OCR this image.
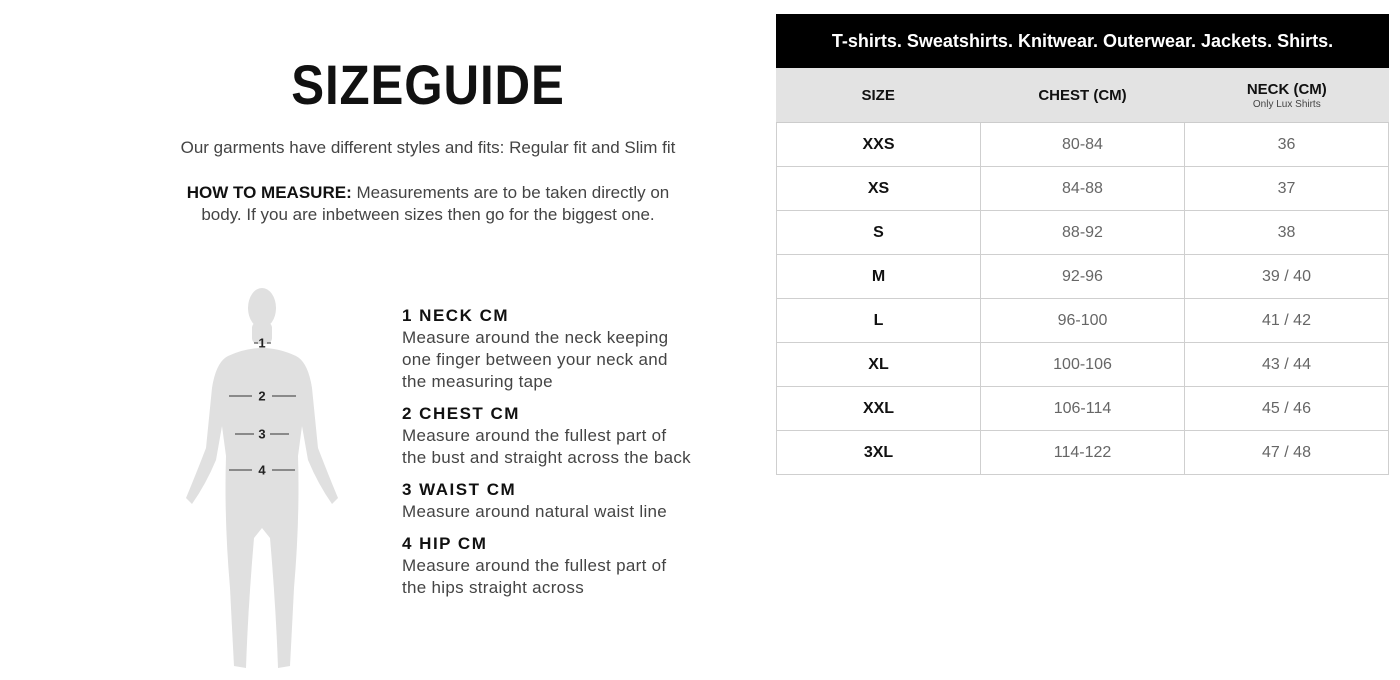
SIZEGUIDE
Our garments have different styles and fits: Regular fit and Slim fit
HOW TO MEASURE: Measurements are to be taken directly on body. If you are inbetween sizes then go for the biggest one.
1
2
3
4
1 NECK CM
Measure around the neck keeping one finger between your neck and the measuring tape
2 CHEST CM
Measure around the fullest part of the bust and straight across the back
3 WAIST CM
Measure around natural waist line
4 HIP CM
Measure around the fullest part of the hips straight across
T-shirts. Sweatshirts. Knitwear. Outerwear. Jackets. Shirts.
SIZE	CHEST (CM)	NECK (CM)
Only Lux Shirts
XXS	80-84	36
XS	84-88	37
S	88-92	38
M	92-96	39 / 40
L	96-100	41 / 42
XL	100-106	43 / 44
XXL	106-114	45 / 46
3XL	114-122	47 / 48
